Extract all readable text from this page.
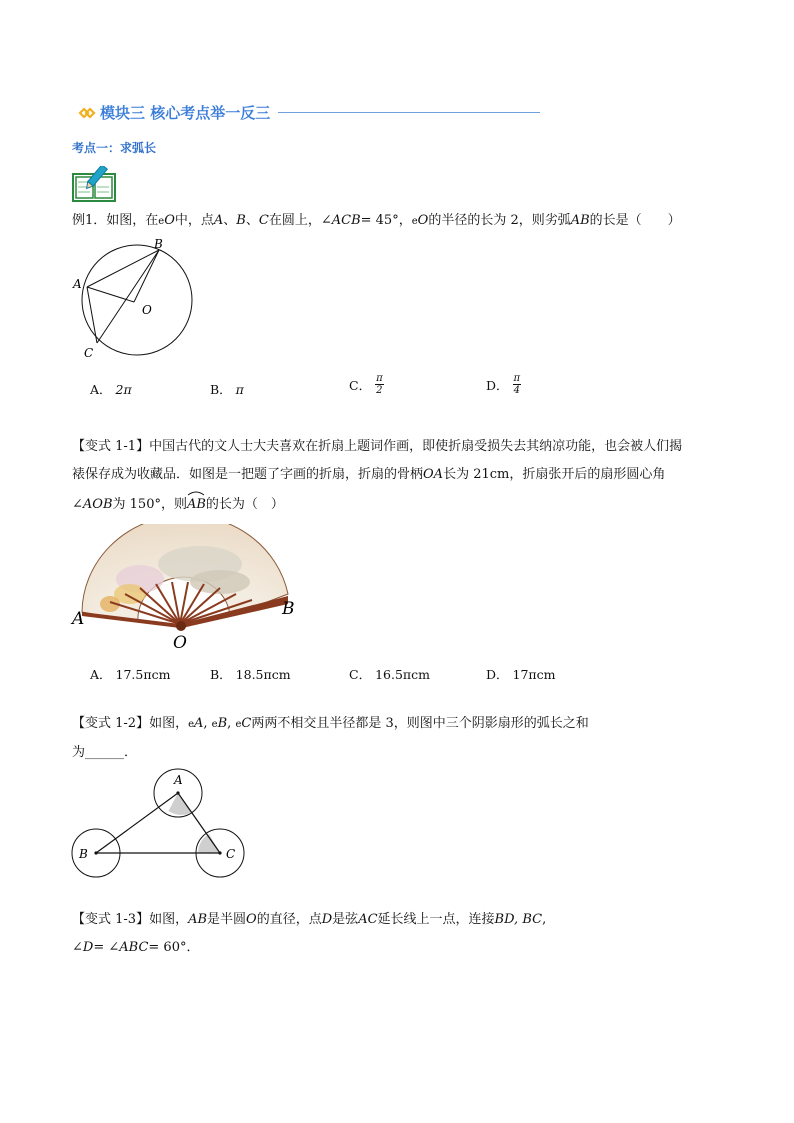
模块三 核心考点举一反三
考点一：求弧长
例1．如图，在eO中，点A、B、C在圆上，∠ACB= 45°，eO的半径的长为 2，则劣弧AB的长是（　　）
B
A
O
C
A． 2π	B． π	C． $\frac{\pi}{2}$	D． $\frac{\pi}{4}$
【变式 1-1】中国古代的文人士大夫喜欢在折扇上题词作画，即使折扇受损失去其纳凉功能，也会被人们揭
裱保存成为收藏品．如图是一把题了字画的折扇，折扇的骨柄OA长为 21cm，折扇张开后的扇形圆心角
∠AOB为 150°，则AB
的长为（　）
A	B
O
A． 17.5πcm	B． 18.5πcm	C． 16.5πcm	D． 17πcm
【变式 1-2】如图，eA, eB, eC两两不相交且半径都是 3，则图中三个阴影扇形的弧长之和
为______．
A
B	C
【变式 1-3】如图，AB是半圆O的直径，点D是弦AC延长线上一点，连接BD, BC,
∠D= ∠ABC= 60°．
